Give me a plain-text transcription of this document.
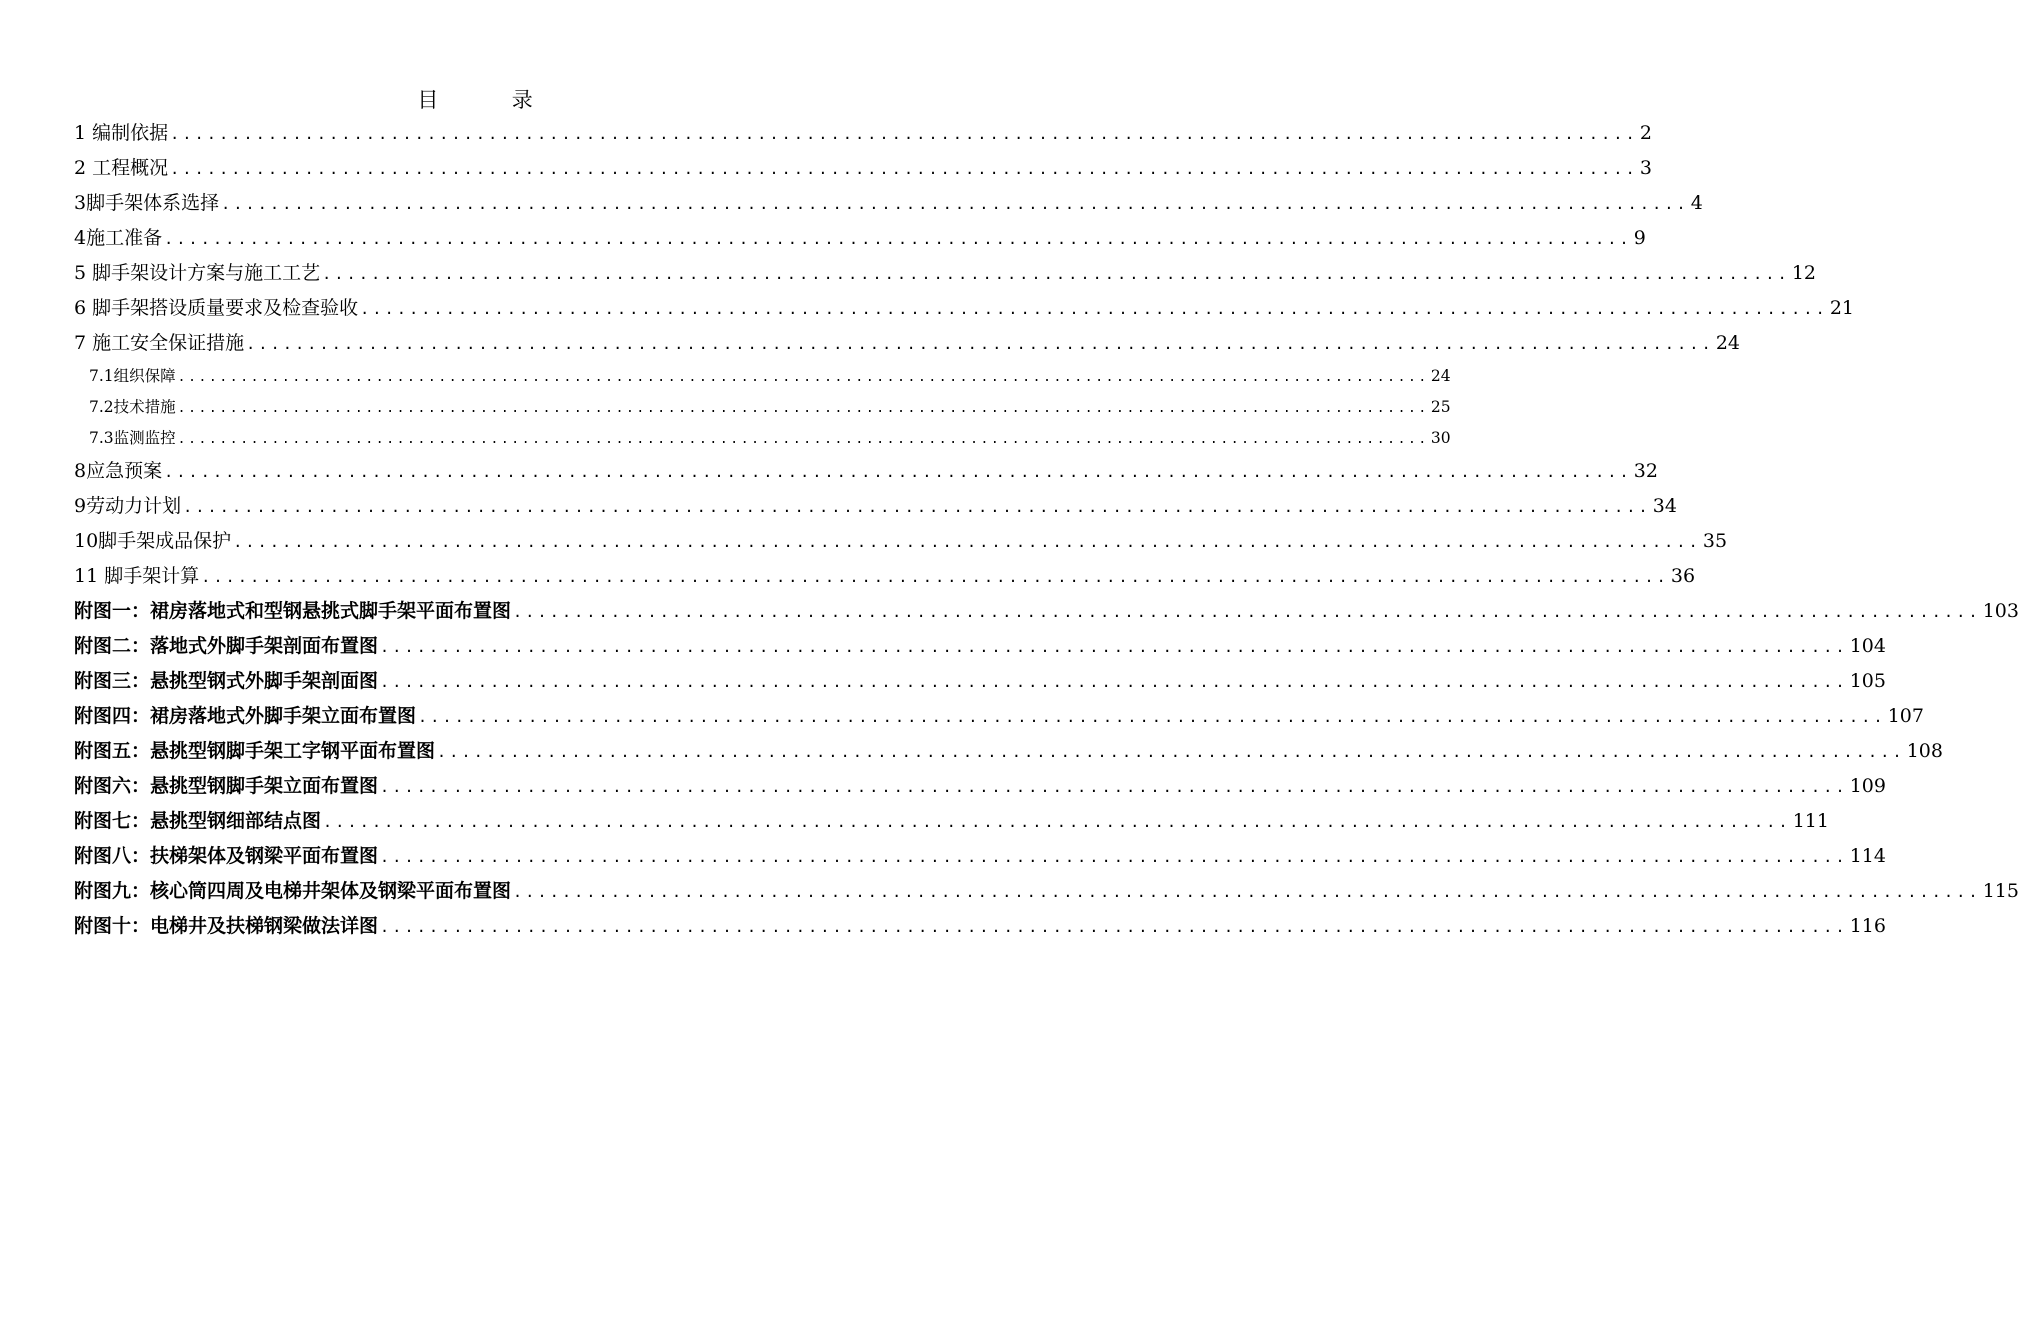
目	录
1 编制依据 ........................................................................................................................ 2
2 工程概况 ........................................................................................................................ 3
3脚手架体系选择 ........................................................................................................................ 4
4施工准备 ........................................................................................................................ 9
5 脚手架设计方案与施工工艺 ........................................................................................................................ 12
6 脚手架搭设质量要求及检查验收 ........................................................................................................................ 21
7 施工安全保证措施 ........................................................................................................................ 24
7.1组织保障 ........................................................................................................................ 24
7.2技术措施 ........................................................................................................................ 25
7.3监测监控 ........................................................................................................................ 30
8应急预案 ........................................................................................................................ 32
9劳动力计划 ........................................................................................................................ 34
10脚手架成品保护 ........................................................................................................................ 35
11 脚手架计算 ........................................................................................................................ 36
附图一：裙房落地式和型钢悬挑式脚手架平面布置图 ........................................................................................................................ 103
附图二：落地式外脚手架剖面布置图 ........................................................................................................................ 104
附图三：悬挑型钢式外脚手架剖面图 ........................................................................................................................ 105
附图四：裙房落地式外脚手架立面布置图 ........................................................................................................................ 107
附图五：悬挑型钢脚手架工字钢平面布置图 ........................................................................................................................ 108
附图六：悬挑型钢脚手架立面布置图 ........................................................................................................................ 109
附图七：悬挑型钢细部结点图 ........................................................................................................................ 111
附图八：扶梯架体及钢梁平面布置图 ........................................................................................................................ 114
附图九：核心筒四周及电梯井架体及钢梁平面布置图 ........................................................................................................................ 115
附图十：电梯井及扶梯钢梁做法详图 ........................................................................................................................ 116
